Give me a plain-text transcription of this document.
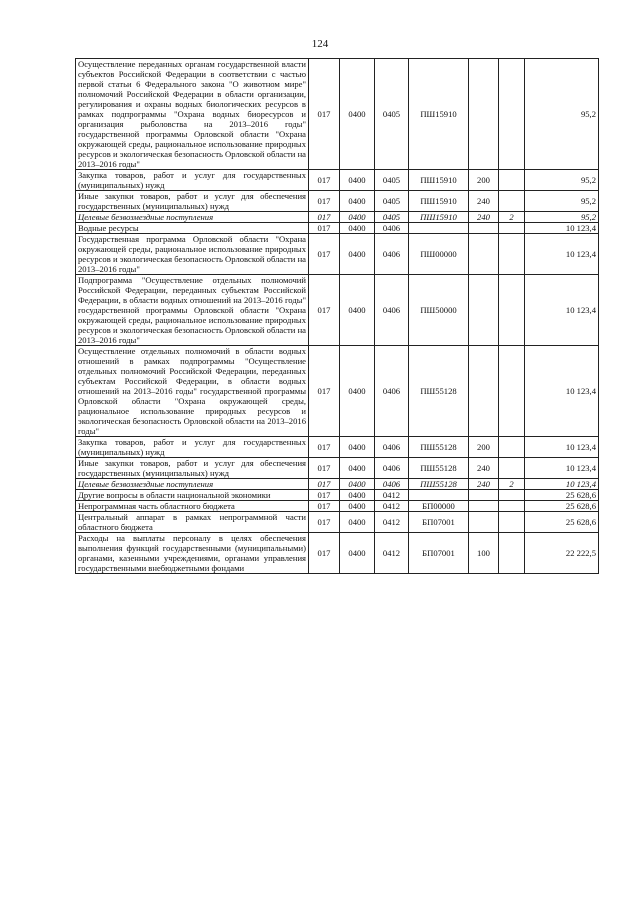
124
Осуществление переданных органам государственной власти субъектов Российской Федерации в соответствии с частью первой статьи 6 Федерального закона "О животном мире" полномочий Российской Федерации в области организации, регулирования и охраны водных биологических ресурсов в рамках подпрограммы "Охрана водных биоресурсов и организация рыболовства на 2013–2016 годы" государственной программы Орловской области "Охрана окружающей среды, рациональное использование природных ресурсов и экологическая безопасность Орловской области на 2013–2016 годы"	017	0400	0405	ПШ15910			95,2
Закупка товаров, работ и услуг для государственных (муниципальных) нужд	017	0400	0405	ПШ15910	200		95,2
Иные закупки товаров, работ и услуг для обеспечения государственных (муниципальных) нужд	017	0400	0405	ПШ15910	240		95,2
Целевые безвозмездные поступления	017	0400	0405	ПШ15910	240	2	95,2
Водные ресурсы	017	0400	0406				10 123,4
Государственная программа Орловской области "Охрана окружающей среды, рациональное использование природных ресурсов и экологическая безопасность Орловской области на 2013–2016 годы"	017	0400	0406	ПШ00000			10 123,4
Подпрограмма "Осуществление отдельных полномочий Российской Федерации, переданных субъектам Российской Федерации, в области водных отношений на 2013–2016 годы" государственной программы Орловской области "Охрана окружающей среды, рациональное использование природных ресурсов и экологическая безопасность Орловской области на 2013–2016 годы"	017	0400	0406	ПШ50000			10 123,4
Осуществление отдельных полномочий в области водных отношений в рамках подпрограммы "Осуществление отдельных полномочий Российской Федерации, переданных субъектам Российской Федерации, в области водных отношений на 2013–2016 годы" государственной программы Орловской области "Охрана окружающей среды, рациональное использование природных ресурсов и экологическая безопасность Орловской области на 2013–2016 годы"	017	0400	0406	ПШ55128			10 123,4
Закупка товаров, работ и услуг для государственных (муниципальных) нужд	017	0400	0406	ПШ55128	200		10 123,4
Иные закупки товаров, работ и услуг для обеспечения государственных (муниципальных) нужд	017	0400	0406	ПШ55128	240		10 123,4
Целевые безвозмездные поступления	017	0400	0406	ПШ55128	240	2	10 123,4
Другие вопросы в области национальной экономики	017	0400	0412				25 628,6
Непрограммная часть областного бюджета	017	0400	0412	БП00000			25 628,6
Центральный аппарат в рамках непрограммной части областного бюджета	017	0400	0412	БП07001			25 628,6
Расходы на выплаты персоналу в целях обеспечения выполнения функций государственными (муниципальными) органами, казенными учреждениями, органами управления государственными внебюджетными фондами	017	0400	0412	БП07001	100		22 222,5
